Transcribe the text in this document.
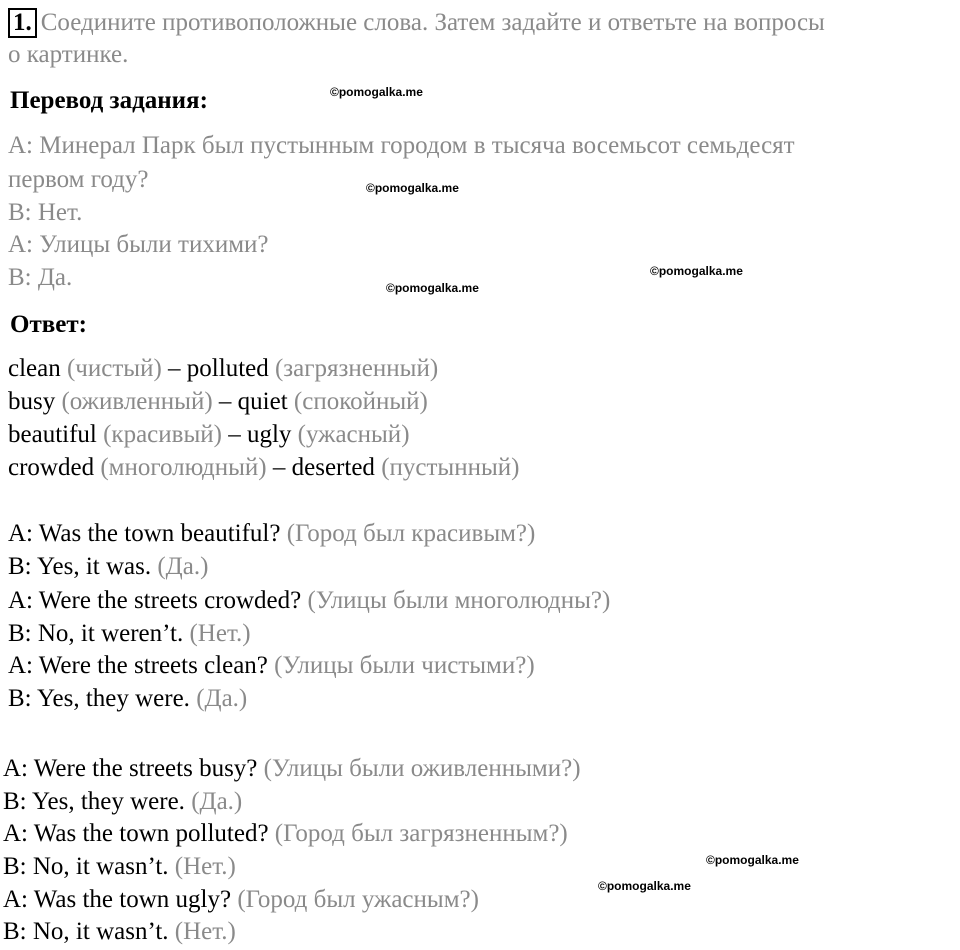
1. Соедините противоположные слова. Затем задайте и ответьте на вопросы
о картинке.
Перевод задания:
A: Минерал Парк был пустынным городом в тысяча восемьсот семьдесят
первом году?
B: Нет.
A: Улицы были тихими?
B: Да.
Ответ:
clean (чистый) – polluted (загрязненный)
busy (оживленный) – quiet (спокойный)
beautiful (красивый) – ugly (ужасный)
crowded (многолюдный) – deserted (пустынный)
A: Was the town beautiful? (Город был красивым?)
B: Yes, it was. (Да.)
A: Were the streets crowded? (Улицы были многолюдны?)
B: No, it weren’t. (Нет.)
A: Were the streets clean? (Улицы были чистыми?)
B: Yes, they were. (Да.)
A: Were the streets busy? (Улицы были оживленными?)
B: Yes, they were. (Да.)
A: Was the town polluted? (Город был загрязненным?)
B: No, it wasn’t. (Нет.)
A: Was the town ugly? (Город был ужасным?)
B: No, it wasn’t. (Нет.)
©pomogalka.me
©pomogalka.me
©pomogalka.me
©pomogalka.me
©pomogalka.me
©pomogalka.me
